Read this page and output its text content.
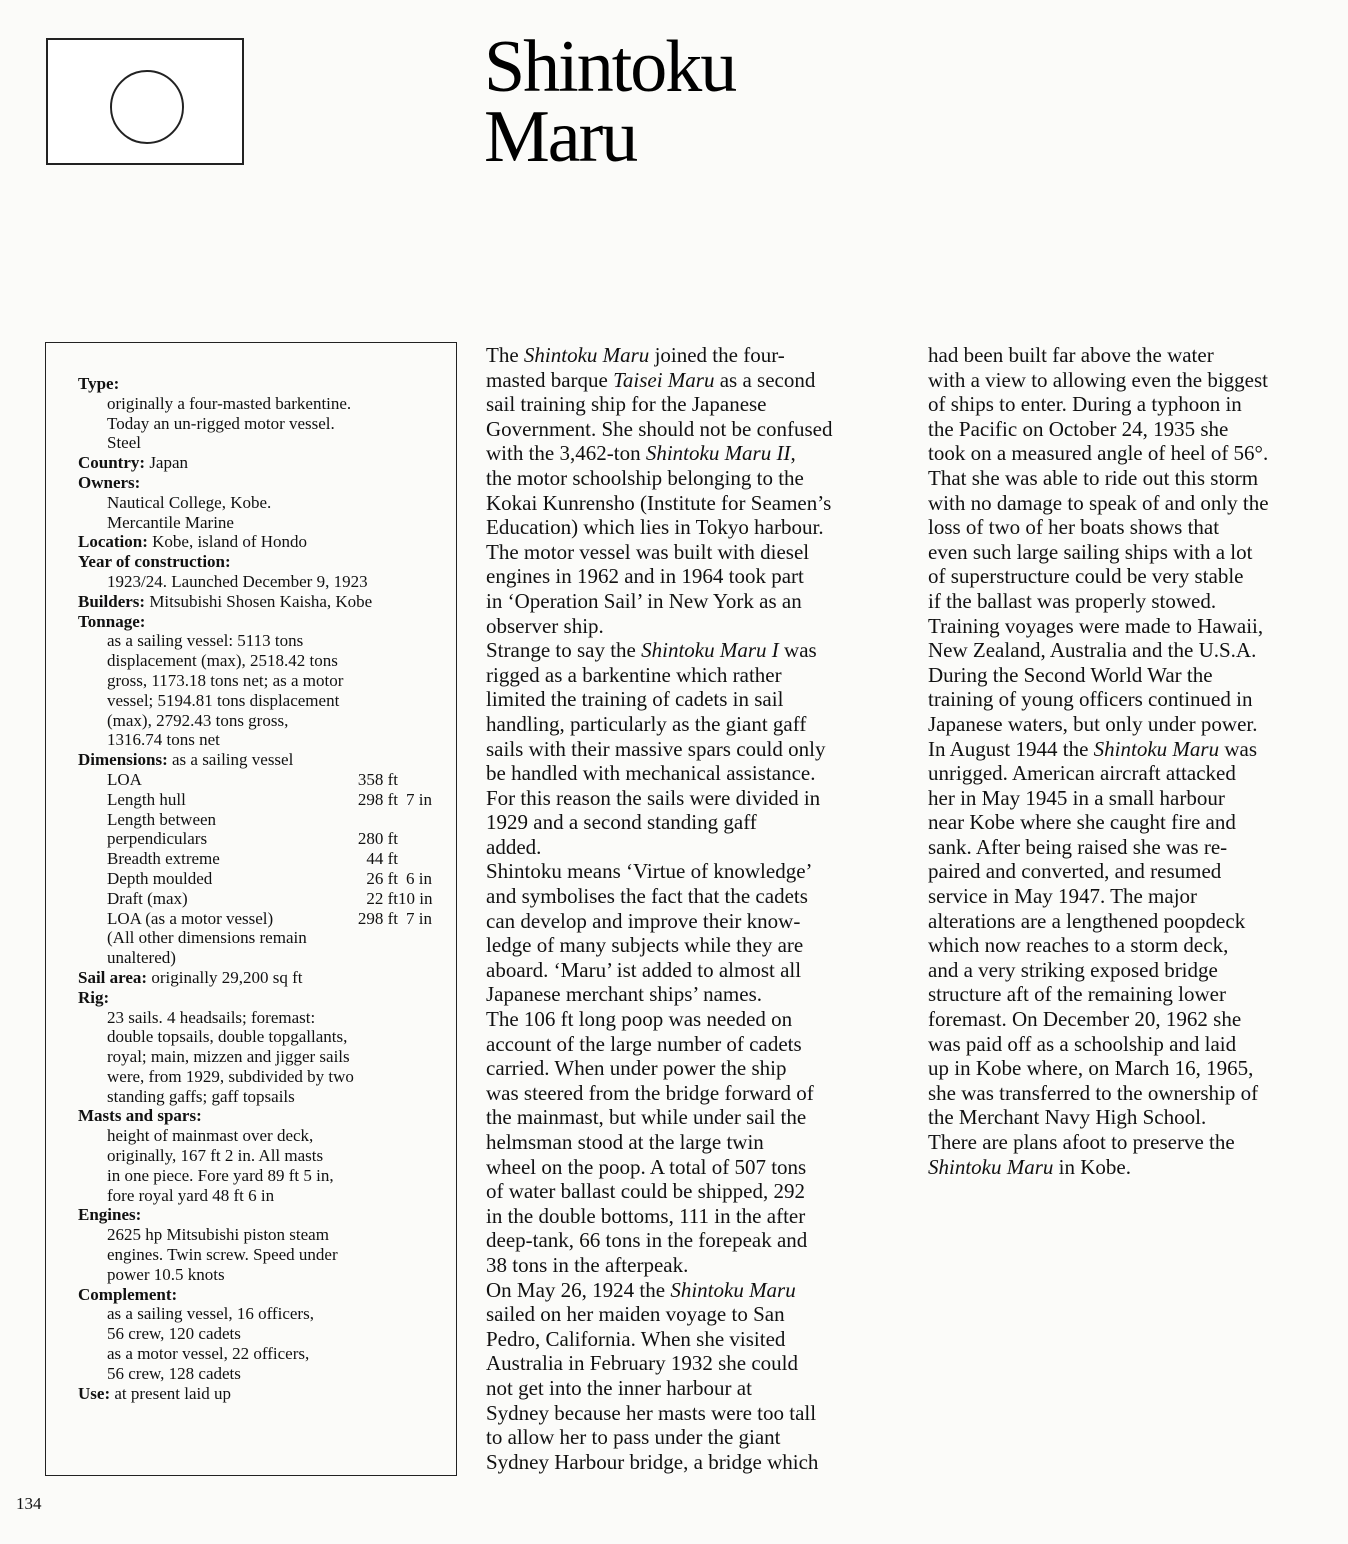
Shintoku
Maru
Type:
originally a four-masted barkentine.
Today an un-rigged motor vessel.
Steel
Country: Japan
Owners:
Nautical College, Kobe.
Mercantile Marine
Location: Kobe, island of Hondo
Year of construction:
1923/24. Launched December 9, 1923
Builders: Mitsubishi Shosen Kaisha, Kobe
Tonnage:
as a sailing vessel: 5113 tons
displacement (max), 2518.42 tons
gross, 1173.18 tons net; as a motor
vessel; 5194.81 tons displacement
(max), 2792.43 tons gross,
1316.74 tons net
Dimensions: as a sailing vessel
LOA	358 ft
Length hull	298 ft 7 in
Length between
perpendiculars	280 ft
Breadth extreme	44 ft
Depth moulded	26 ft 6 in
Draft (max)	22 ft 10 in
LOA (as a motor vessel)	298 ft 7 in
(All other dimensions remain
unaltered)
Sail area: originally 29,200 sq ft
Rig:
23 sails. 4 headsails; foremast:
double topsails, double topgallants,
royal; main, mizzen and jigger sails
were, from 1929, subdivided by two
standing gaffs; gaff topsails
Masts and spars:
height of mainmast over deck,
originally, 167 ft 2 in. All masts
in one piece. Fore yard 89 ft 5 in,
fore royal yard 48 ft 6 in
Engines:
2625 hp Mitsubishi piston steam
engines. Twin screw. Speed under
power 10.5 knots
Complement:
as a sailing vessel, 16 officers,
56 crew, 120 cadets
as a motor vessel, 22 officers,
56 crew, 128 cadets
Use: at present laid up

The Shintoku Maru joined the four-

masted barque Taisei Maru as a second

sail training ship for the Japanese

Government. She should not be confused

with the 3,462-ton Shintoku Maru II,

the motor schoolship belonging to the

Kokai Kunrensho (Institute for Seamen’s

Education) which lies in Tokyo harbour.

The motor vessel was built with diesel

engines in 1962 and in 1964 took part

in ‘Operation Sail’ in New York as an

observer ship.

Strange to say the Shintoku Maru I was

rigged as a barkentine which rather

limited the training of cadets in sail

handling, particularly as the giant gaff

sails with their massive spars could only

be handled with mechanical assistance.

For this reason the sails were divided in

1929 and a second standing gaff

added.

Shintoku means ‘Virtue of knowledge’

and symbolises the fact that the cadets

can develop and improve their know-

ledge of many subjects while they are

aboard. ‘Maru’ ist added to almost all

Japanese merchant ships’ names.

The 106 ft long poop was needed on

account of the large number of cadets

carried. When under power the ship

was steered from the bridge forward of

the mainmast, but while under sail the

helmsman stood at the large twin

wheel on the poop. A total of 507 tons

of water ballast could be shipped, 292

in the double bottoms, 111 in the after

deep-tank, 66 tons in the forepeak and

38 tons in the afterpeak.

On May 26, 1924 the Shintoku Maru

sailed on her maiden voyage to San

Pedro, California. When she visited

Australia in February 1932 she could

not get into the inner harbour at

Sydney because her masts were too tall

to allow her to pass under the giant

Sydney Harbour bridge, a bridge which

had been built far above the water

with a view to allowing even the biggest

of ships to enter. During a typhoon in

the Pacific on October 24, 1935 she

took on a measured angle of heel of 56°.

That she was able to ride out this storm

with no damage to speak of and only the

loss of two of her boats shows that

even such large sailing ships with a lot

of superstructure could be very stable

if the ballast was properly stowed.

Training voyages were made to Hawaii,

New Zealand, Australia and the U.S.A.

During the Second World War the

training of young officers continued in

Japanese waters, but only under power.

In August 1944 the Shintoku Maru was

unrigged. American aircraft attacked

her in May 1945 in a small harbour

near Kobe where she caught fire and

sank. After being raised she was re-

paired and converted, and resumed

service in May 1947. The major

alterations are a lengthened poopdeck

which now reaches to a storm deck,

and a very striking exposed bridge

structure aft of the remaining lower

foremast. On December 20, 1962 she

was paid off as a schoolship and laid

up in Kobe where, on March 16, 1965,

she was transferred to the ownership of

the Merchant Navy High School.

There are plans afoot to preserve the

Shintoku Maru in Kobe.

134
